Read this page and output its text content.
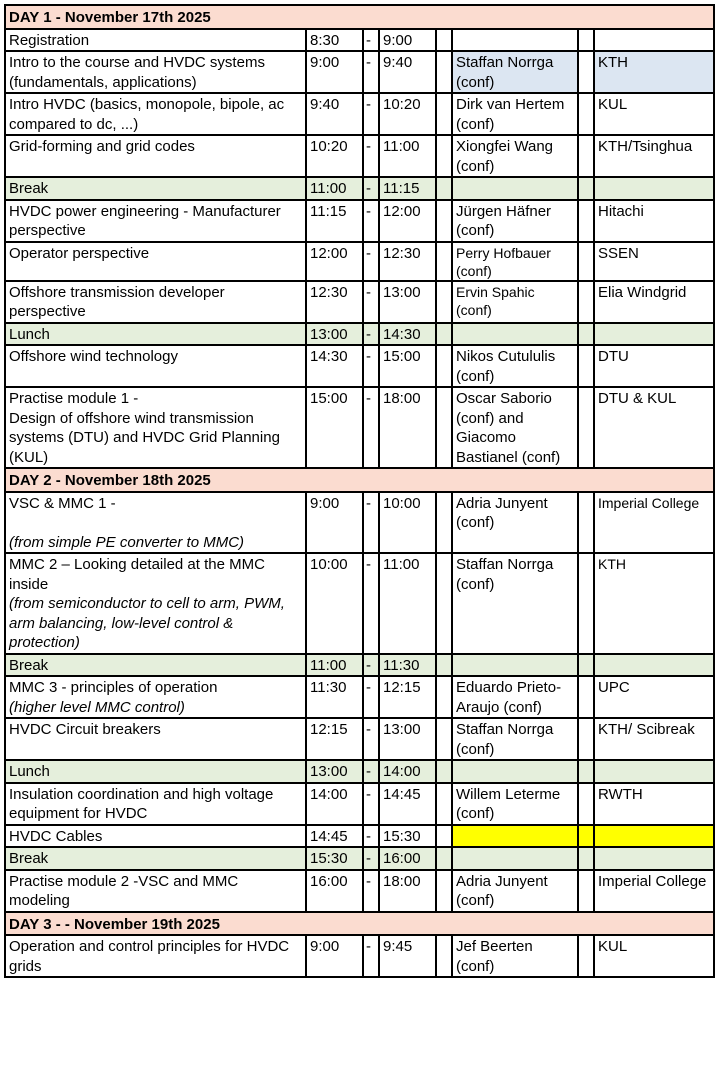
DAY 1 - November 17th 2025							
Registration	8:30	-	9:00				
Intro to the course and HVDC systems (fundamentals, applications)	9:00	-	9:40		Staffan Norrga (conf)		KTH
Intro HVDC (basics, monopole, bipole, ac compared to dc, ...)	9:40	-	10:20		Dirk van Hertem (conf)		KUL
Grid-forming and grid codes	10:20	-	11:00		Xiongfei Wang (conf)		KTH/Tsinghua
Break	11:00	-	11:15				
HVDC power engineering - Manufacturer perspective	11:15	-	12:00		Jürgen Häfner (conf)		Hitachi
Operator perspective	12:00	-	12:30		Perry Hofbauer (conf)		SSEN
Offshore transmission developer perspective	12:30	-	13:00		Ervin Spahic (conf)		Elia Windgrid
Lunch	13:00	-	14:30				
Offshore wind technology	14:30	-	15:00		Nikos Cutululis (conf)		DTU

Practise module 1 -
Design of offshore wind transmission systems (DTU) and HVDC Grid Planning (KUL)	15:00	-	18:00		Oscar Saborio (conf) and Giacomo Bastianel (conf)		DTU & KUL
DAY 2 - November 18th 2025							

VSC & MMC 1 -

(from simple PE converter to MMC)	9:00	-	10:00		Adria Junyent (conf)		Imperial College

MMC 2 – Looking detailed at the MMC inside
(from semiconductor to cell to arm, PWM, arm balancing, low-level control & protection)	10:00	-	11:00		Staffan Norrga (conf)		KTH
Break	11:00	-	11:30				

MMC 3 - principles of operation
(higher level MMC control)	11:30	-	12:15		Eduardo Prieto-Araujo (conf)		UPC
HVDC Circuit breakers	12:15	-	13:00		Staffan Norrga (conf)		KTH/ Scibreak
Lunch	13:00	-	14:00				
Insulation coordination and high voltage equipment for HVDC	14:00	-	14:45		Willem Leterme (conf)		RWTH
HVDC Cables	14:45	-	15:30				
Break	15:30	-	16:00				
Practise module 2 -VSC and MMC modeling	16:00	-	18:00		Adria Junyent (conf)		Imperial College
DAY 3 - - November 19th 2025							
Operation and control principles for HVDC grids	9:00	-	9:45		Jef Beerten (conf)		KUL
